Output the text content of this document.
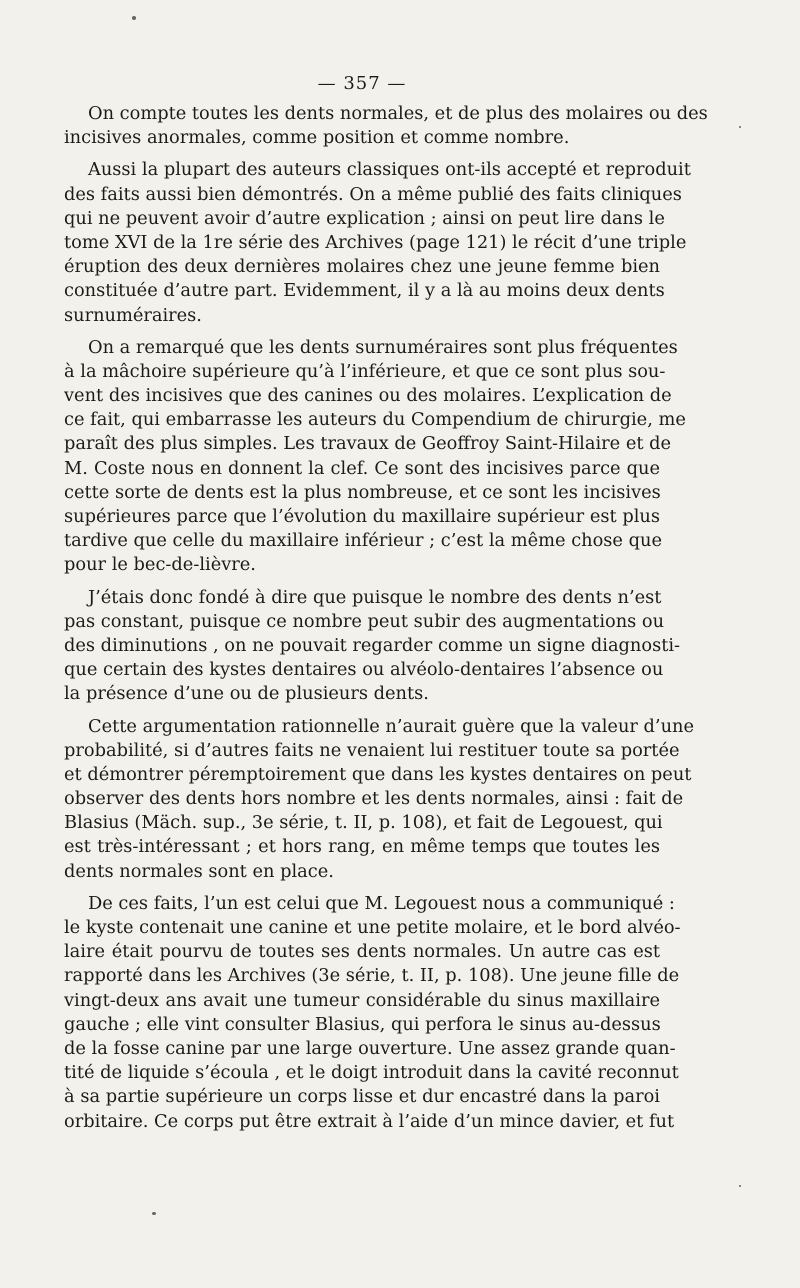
— 357 —
On compte toutes les dents normales, et de plus des molaires ou des
incisives anormales, comme position et comme nombre.
Aussi la plupart des auteurs classiques ont-ils accepté et reproduit
des faits aussi bien démontrés. On a même publié des faits cliniques
qui ne peuvent avoir d’autre explication ; ainsi on peut lire dans le
tome XVI de la 1re série des Archives (page 121) le récit d’une triple
éruption des deux dernières molaires chez une jeune femme bien
constituée d’autre part. Evidemment, il y a là au moins deux dents
surnuméraires.
On a remarqué que les dents surnuméraires sont plus fréquentes
à la mâchoire supérieure qu’à l’inférieure, et que ce sont plus sou-
vent des incisives que des canines ou des molaires. L’explication de
ce fait, qui embarrasse les auteurs du Compendium de chirurgie, me
paraît des plus simples. Les travaux de Geoffroy Saint-Hilaire et de
M. Coste nous en donnent la clef. Ce sont des incisives parce que
cette sorte de dents est la plus nombreuse, et ce sont les incisives
supérieures parce que l’évolution du maxillaire supérieur est plus
tardive que celle du maxillaire inférieur ; c’est la même chose que
pour le bec-de-lièvre.
J’étais donc fondé à dire que puisque le nombre des dents n’est
pas constant, puisque ce nombre peut subir des augmentations ou
des diminutions , on ne pouvait regarder comme un signe diagnosti-
que certain des kystes dentaires ou alvéolo-dentaires l’absence ou
la présence d’une ou de plusieurs dents.
Cette argumentation rationnelle n’aurait guère que la valeur d’une
probabilité, si d’autres faits ne venaient lui restituer toute sa portée
et démontrer péremptoirement que dans les kystes dentaires on peut
observer des dents hors nombre et les dents normales, ainsi : fait de
Blasius (Mäch. sup., 3e série, t. II, p. 108), et fait de Legouest, qui
est très-intéressant ; et hors rang, en même temps que toutes les
dents normales sont en place.
De ces faits, l’un est celui que M. Legouest nous a communiqué :
le kyste contenait une canine et une petite molaire, et le bord alvéo-
laire était pourvu de toutes ses dents normales. Un autre cas est
rapporté dans les Archives (3e série, t. II, p. 108). Une jeune fille de
vingt-deux ans avait une tumeur considérable du sinus maxillaire
gauche ; elle vint consulter Blasius, qui perfora le sinus au-dessus
de la fosse canine par une large ouverture. Une assez grande quan-
tité de liquide s’écoula , et le doigt introduit dans la cavité reconnut
à sa partie supérieure un corps lisse et dur encastré dans la paroi
orbitaire. Ce corps put être extrait à l’aide d’un mince davier, et fut
